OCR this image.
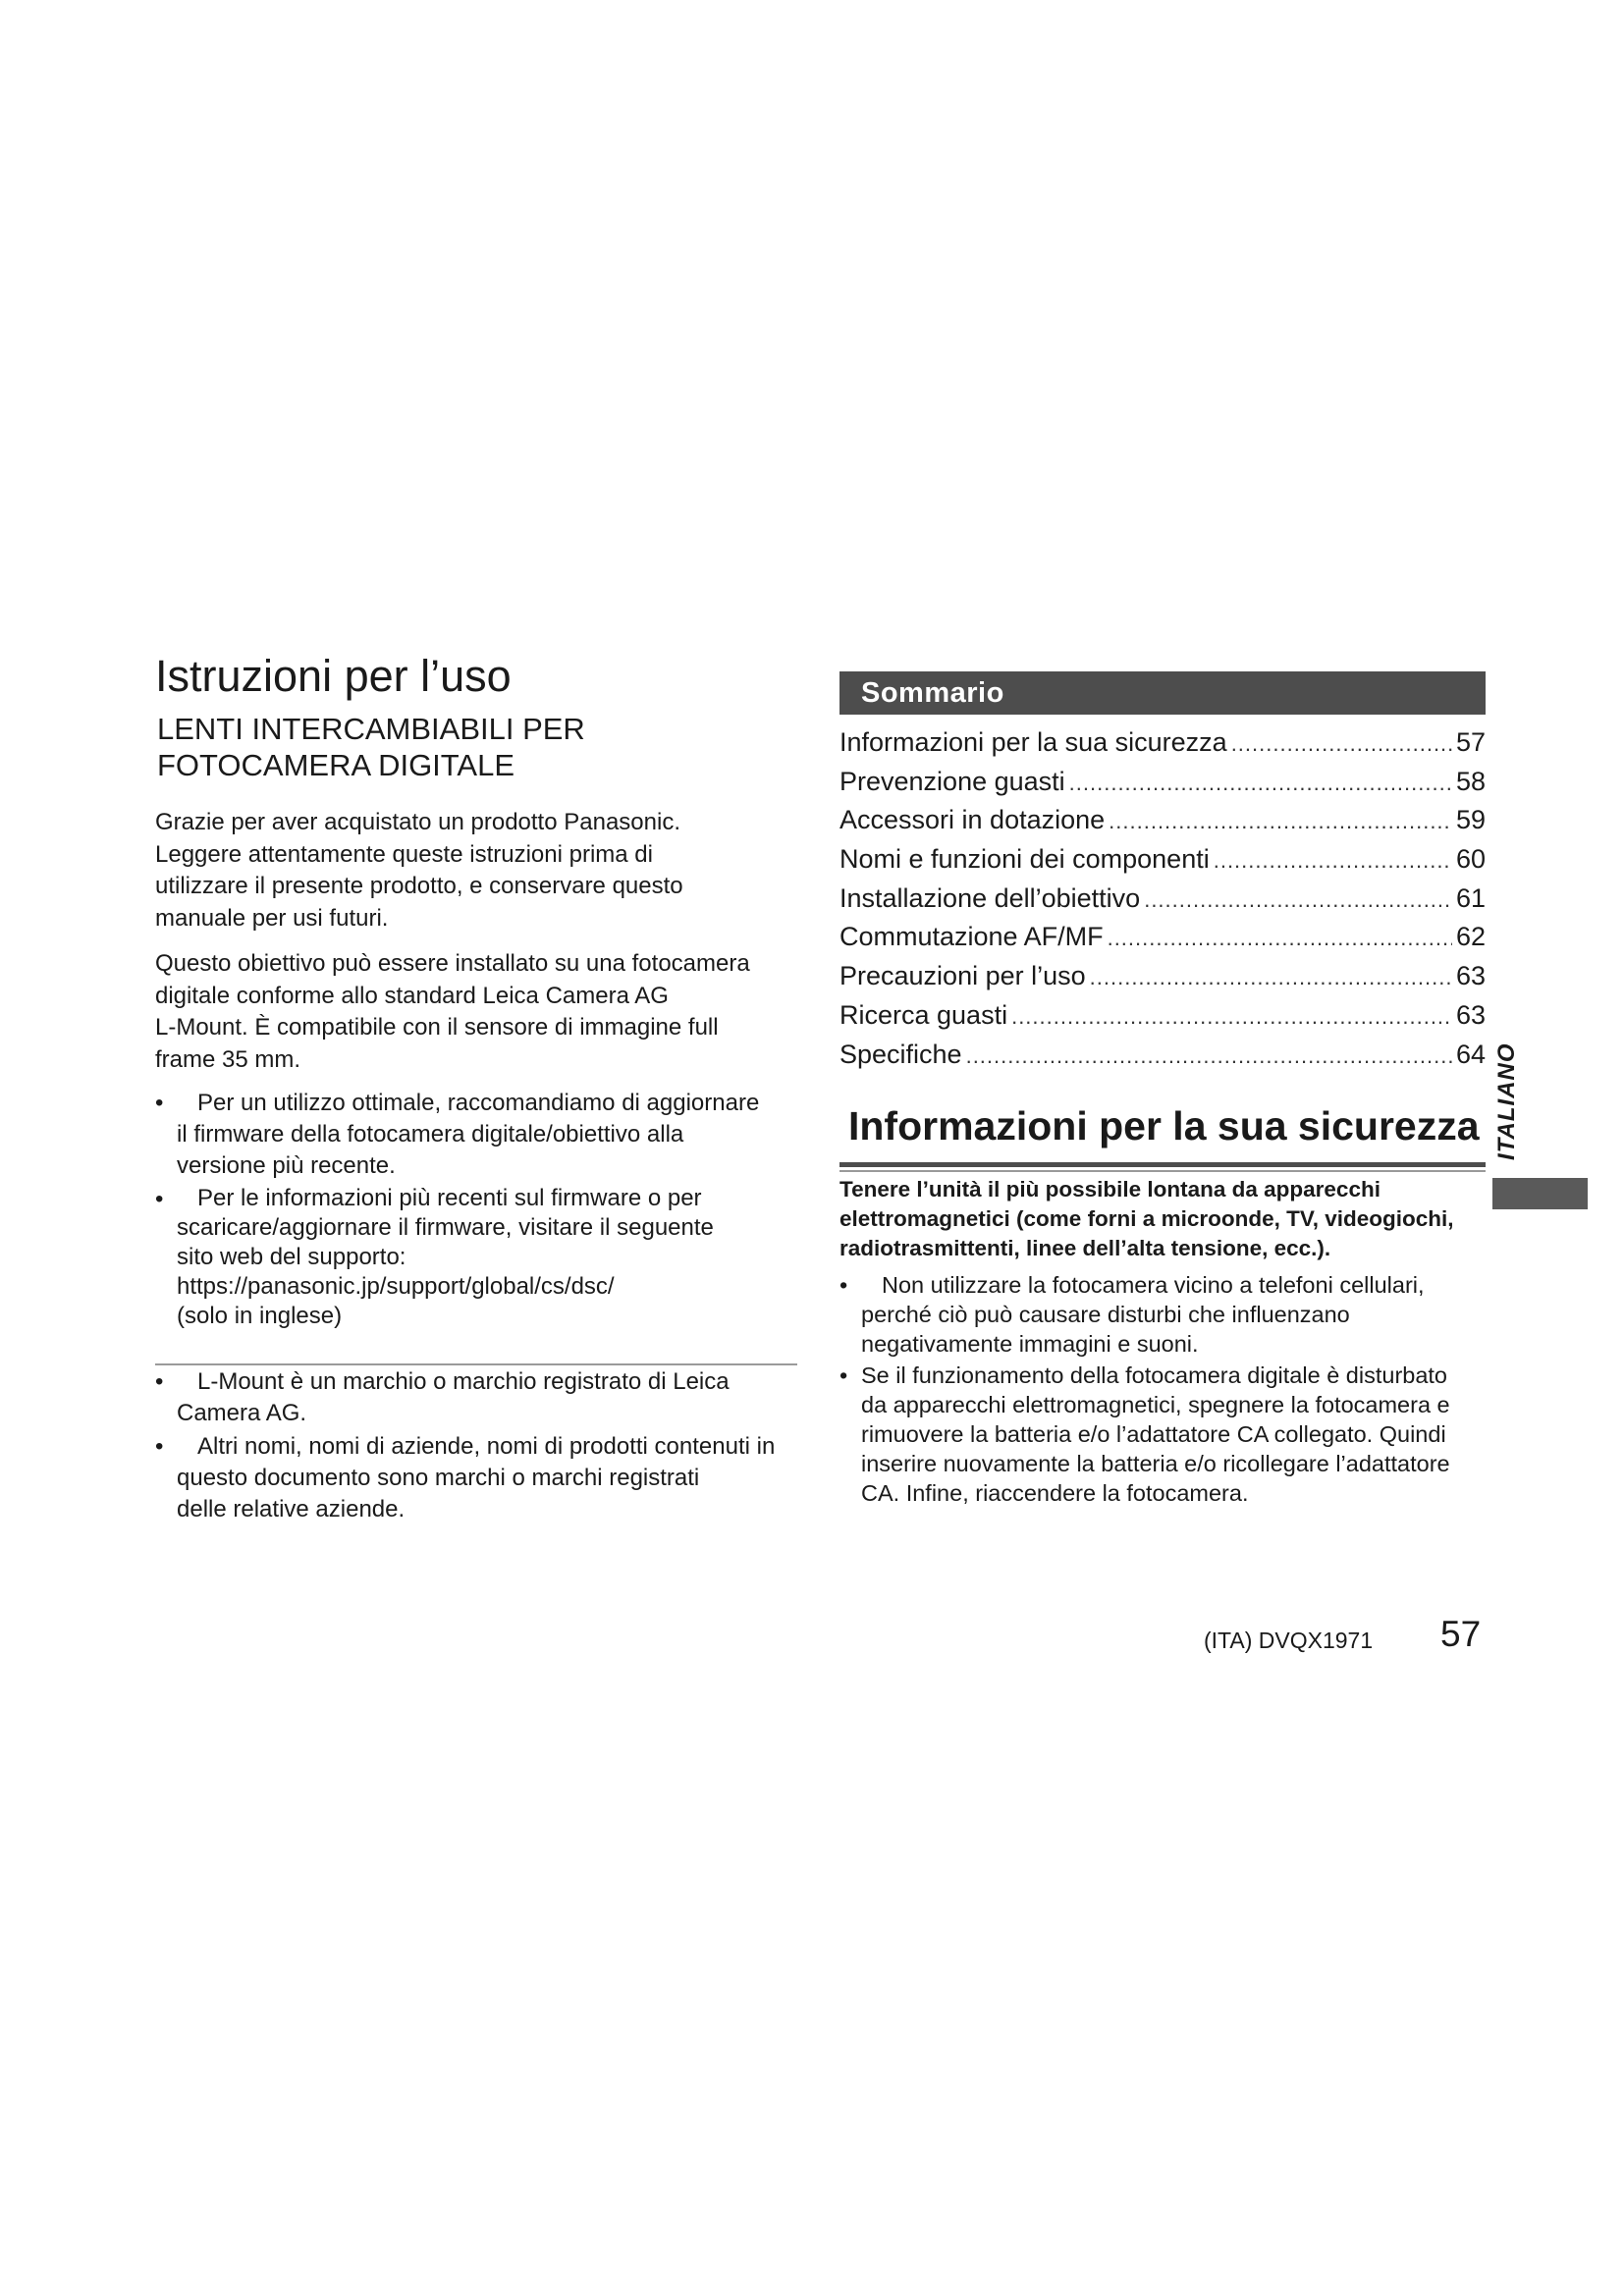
Istruzioni per l’uso
LENTI INTERCAMBIABILI PER
FOTOCAMERA DIGITALE

Grazie per aver acquistato un prodotto Panasonic.
Leggere attentamente queste istruzioni prima di
utilizzare il presente prodotto, e conservare questo
manuale per usi futuri.

Questo obiettivo può essere installato su una fotocamera
digitale conforme allo standard Leica Camera AG
L-Mount. È compatibile con il sensore di immagine full
frame 35 mm.

•	Per un utilizzo ottimale, raccomandiamo di aggiornare
il firmware della fotocamera digitale/obiettivo alla
versione più recente.
•	Per le informazioni più recenti sul firmware o per
scaricare/aggiornare il firmware, visitare il seguente
sito web del supporto:
https://panasonic.jp/support/global/cs/dsc/
(solo in inglese)
•	L-Mount è un marchio o marchio registrato di Leica
Camera AG.
•	Altri nomi, nomi di aziende, nomi di prodotti contenuti in
questo documento sono marchi o marchi registrati
delle relative aziende.
Sommario
Informazioni per la sua sicurezza .....	57
Prevenzione guasti .....	58
Accessori in dotazione .....	59
Nomi e funzioni dei componenti .....	60
Installazione dell’obiettivo .....	61
Commutazione AF/MF .....	62
Precauzioni per l’uso .....	63
Ricerca guasti .....	63
Specifiche .....	64
Informazioni per la sua sicurezza

Tenere l’unità il più possibile lontana da apparecchi
elettromagnetici (come forni a microonde, TV, videogiochi,
radiotrasmittenti, linee dell’alta tensione, ecc.).

•	Non utilizzare la fotocamera vicino a telefoni cellulari,
perché ciò può causare disturbi che influenzano
negativamente immagini e suoni.
• Se il funzionamento della fotocamera digitale è disturbato
da apparecchi elettromagnetici, spegnere la fotocamera e
rimuovere la batteria e/o l’adattatore CA collegato. Quindi
inserire nuovamente la batteria e/o ricollegare l’adattatore
CA. Infine, riaccendere la fotocamera.
ITALIANO
(ITA) DVQX1971 57
